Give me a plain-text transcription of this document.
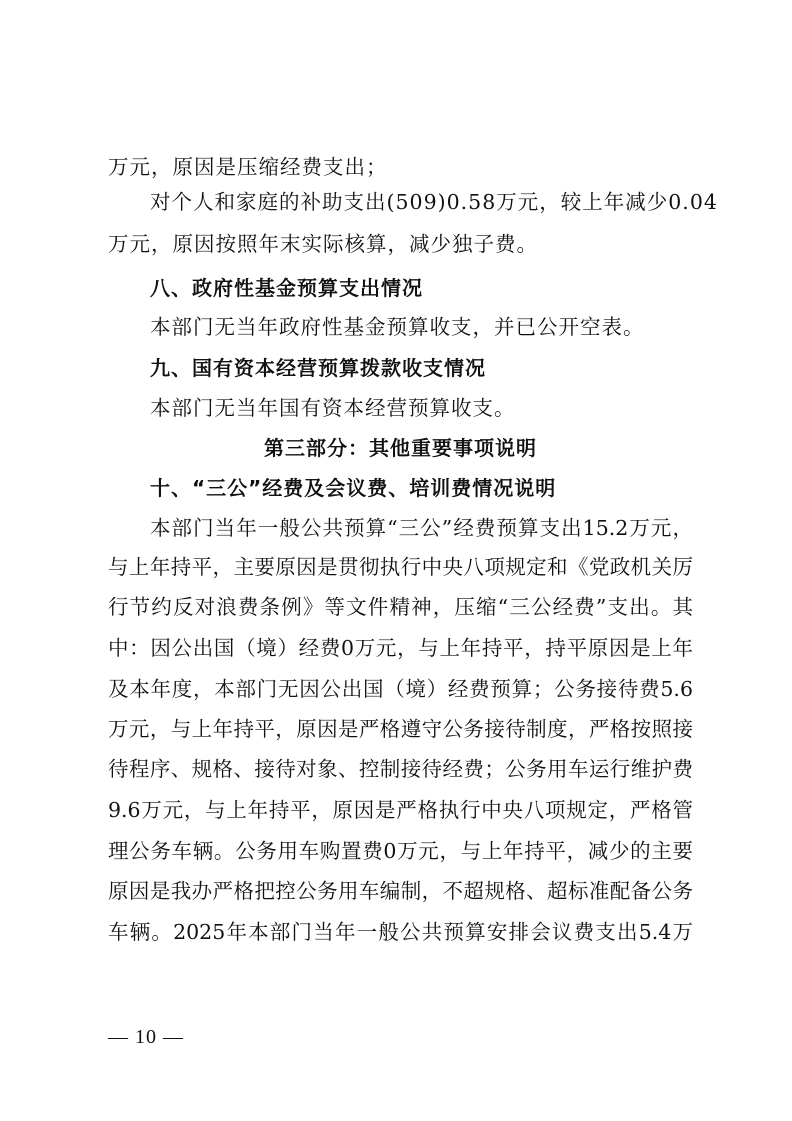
万元，原因是压缩经费支出；
对个人和家庭的补助支出(509)0.58万元，较上年减少0.04
万元，原因按照年末实际核算，减少独子费。
八、政府性基金预算支出情况
本部门无当年政府性基金预算收支，并已公开空表。
九、国有资本经营预算拨款收支情况
本部门无当年国有资本经营预算收支。
第三部分：其他重要事项说明
十、“三公”经费及会议费、培训费情况说明
本部门当年一般公共预算“三公”经费预算支出15.2万元，
与上年持平，主要原因是贯彻执行中央八项规定和《党政机关厉
行节约反对浪费条例》等文件精神，压缩“三公经费”支出。其
中：因公出国（境）经费0万元，与上年持平，持平原因是上年
及本年度，本部门无因公出国（境）经费预算；公务接待费5.6
万元，与上年持平，原因是严格遵守公务接待制度，严格按照接
待程序、规格、接待对象、控制接待经费；公务用车运行维护费
9.6万元，与上年持平，原因是严格执行中央八项规定，严格管
理公务车辆。公务用车购置费0万元，与上年持平，减少的主要
原因是我办严格把控公务用车编制，不超规格、超标准配备公务
车辆。2025年本部门当年一般公共预算安排会议费支出5.4万
— 10 —
